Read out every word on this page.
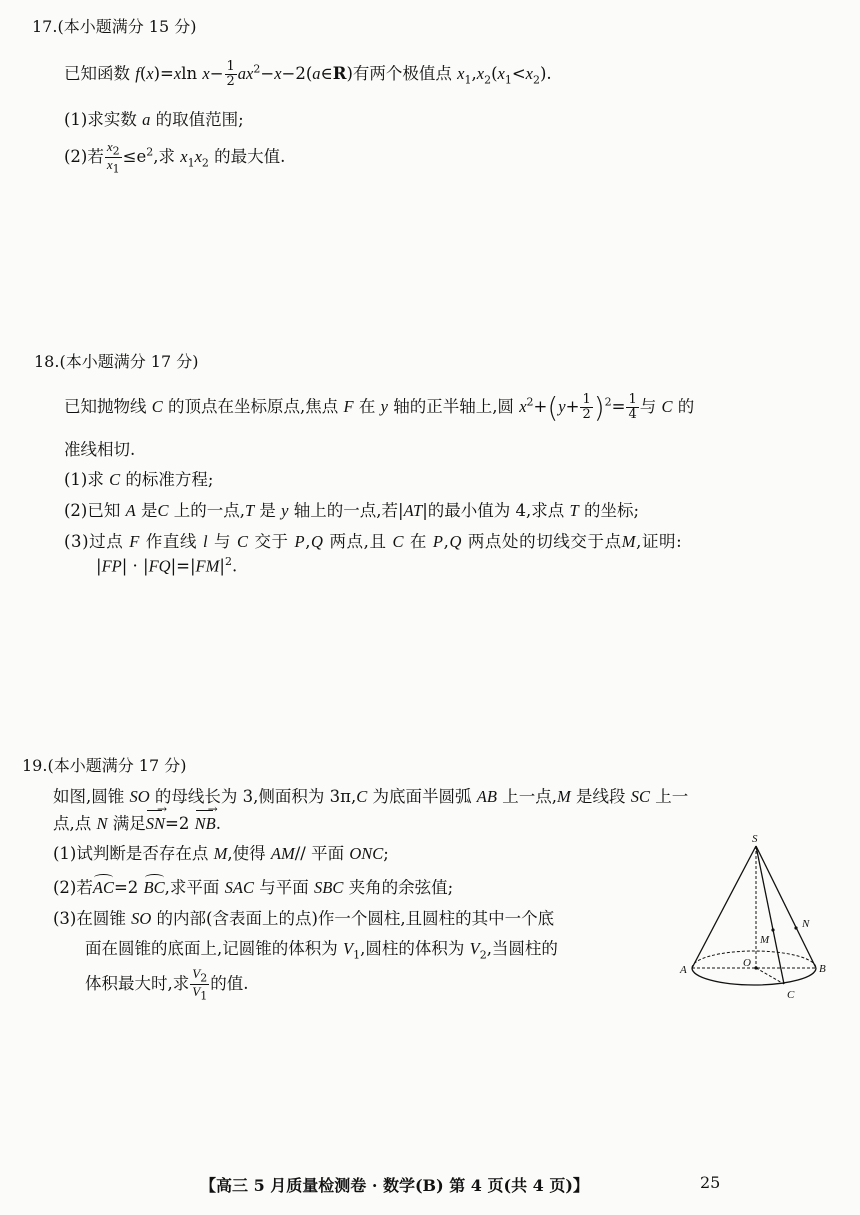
17.(本小题满分 15 分)
已知函数 f(x)=xln $x- \frac{1}{2}$ $ax^2-x-2(a\in R)$有两个极值点 $x_1,x_2(x_1<x_2)$.
(1)求实数 a 的取值范围;
(2)若 $\frac{x_2}{x_1} \le e^2$,求 $x_1x_2$ 的最大值.
18.(本小题满分 17 分)
已知抛物线 C 的顶点在坐标原点,焦点 F 在 y 轴的正半轴上,圆 $x^2+(y+ \frac{1}{2} )^2= \frac{1}{4}$ 与 C 的
准线相切.
(1)求 C 的标准方程;
(2)已知 A 是C 上的一点,T 是 y 轴上的一点,若|AT|的最小值为 4,求点 T 的坐标;
(3)过点 F 作直线 l 与 C 交于 P,Q 两点,且 C 在 P,Q 两点处的切线交于点M,证明:
$|FP| \cdot |FQ|=|FM|^2$.
19.(本小题满分 17 分)
如图,圆锥 SO 的母线长为 3,侧面积为 3π,C 为底面半圆弧 AB 上一点,M 是线段 SC 上一
点,点 N 满足→ SN=2 → NB.
(1)试判断是否存在点 M,使得 AM// 平面 ONC;
(2)若AC=2 BC,求平面 SAC 与平面 SBC 夹角的余弦值;
(3)在圆锥 SO 的内部(含表面上的点)作一个圆柱,且圆柱的其中一个底
面在圆锥的底面上,记圆锥的体积为 $V_1$,圆柱的体积为 $V_2$,当圆柱的
体积最大时,求 $\frac{V_2}{V_1}$ 的值.
S
N
M
O
A	B
C
【高三 5 月质量检测卷 · 数学(B) 第 4 页(共 4 页)】	25
